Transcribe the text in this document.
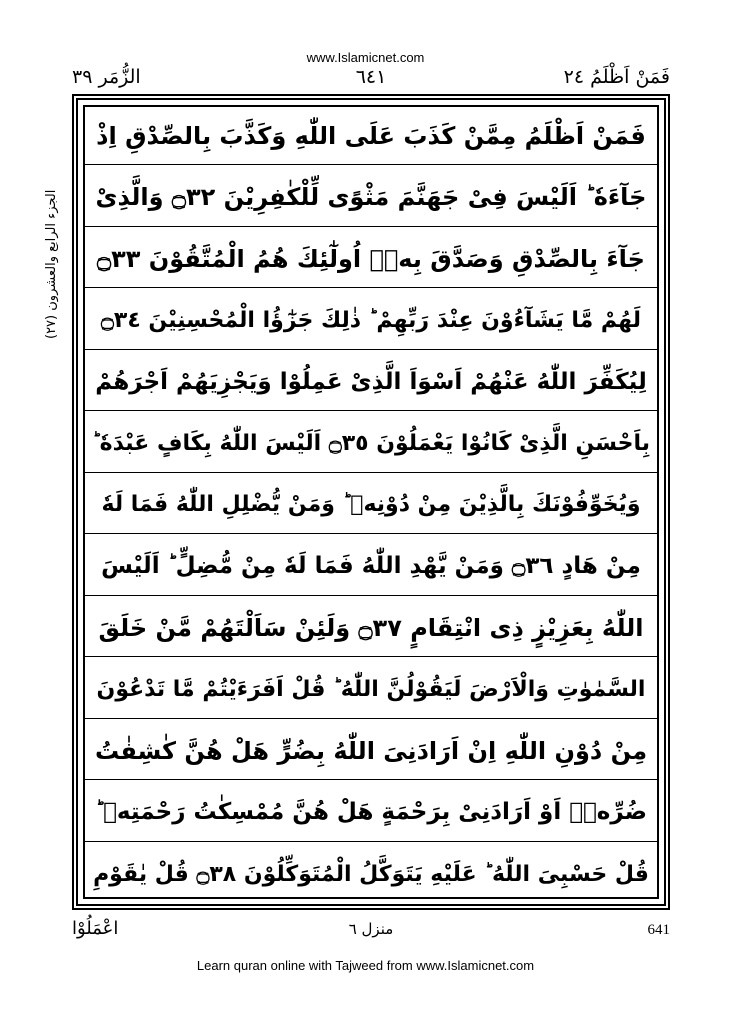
www.Islamicnet.com
الزُّمَر ٣٩	٦٤١	فَمَنْ اَظْلَمُ ٢٤
الجزء الرابع والعشرون (٢٧)
فَمَنْ اَظْلَمُ مِمَّنْ كَذَبَ عَلَى اللّٰهِ وَكَذَّبَ بِالصِّدْقِ اِذْ
جَآءَهٗ ؕ اَلَيْسَ فِىْ جَهَنَّمَ مَثْوًى لِّلْكٰفِرِيْنَ ۝٣٢ وَالَّذِىْ
جَآءَ بِالصِّدْقِ وَصَدَّقَ بِهٖۤ اُولٰٓئِكَ هُمُ الْمُتَّقُوْنَ ۝٣٣
لَهُمْ مَّا يَشَآءُوْنَ عِنْدَ رَبِّهِمْ ؕ ذٰلِكَ جَزٰٓؤُا الْمُحْسِنِيْنَ ۝٣٤
لِيُكَفِّرَ اللّٰهُ عَنْهُمْ اَسْوَاَ الَّذِىْ عَمِلُوْا وَيَجْزِيَهُمْ اَجْرَهُمْ
بِاَحْسَنِ الَّذِىْ كَانُوْا يَعْمَلُوْنَ ۝٣٥ اَلَيْسَ اللّٰهُ بِكَافٍ عَبْدَهٗ ؕ
وَيُخَوِّفُوْنَكَ بِالَّذِيْنَ مِنْ دُوْنِهٖ ؕ وَمَنْ يُّضْلِلِ اللّٰهُ فَمَا لَهٗ
مِنْ هَادٍ ۝٣٦ وَمَنْ يَّهْدِ اللّٰهُ فَمَا لَهٗ مِنْ مُّضِلٍّ ؕ اَلَيْسَ
اللّٰهُ بِعَزِيْزٍ ذِى انْتِقَامٍ ۝٣٧ وَلَئِنْ سَاَلْتَهُمْ مَّنْ خَلَقَ
السَّمٰوٰتِ وَالْاَرْضَ لَيَقُوْلُنَّ اللّٰهُ ؕ قُلْ اَفَرَءَيْتُمْ مَّا تَدْعُوْنَ
مِنْ دُوْنِ اللّٰهِ اِنْ اَرَادَنِىَ اللّٰهُ بِضُرٍّ هَلْ هُنَّ كٰشِفٰتُ
ضُرِّهٖۤ اَوْ اَرَادَنِىْ بِرَحْمَةٍ هَلْ هُنَّ مُمْسِكٰتُ رَحْمَتِهٖ ؕ
قُلْ حَسْبِىَ اللّٰهُ ؕ عَلَيْهِ يَتَوَكَّلُ الْمُتَوَكِّلُوْنَ ۝٣٨ قُلْ يٰقَوْمِ
اعْمَلُوْا	منزل ٦	641
Learn quran online with Tajweed from www.Islamicnet.com
